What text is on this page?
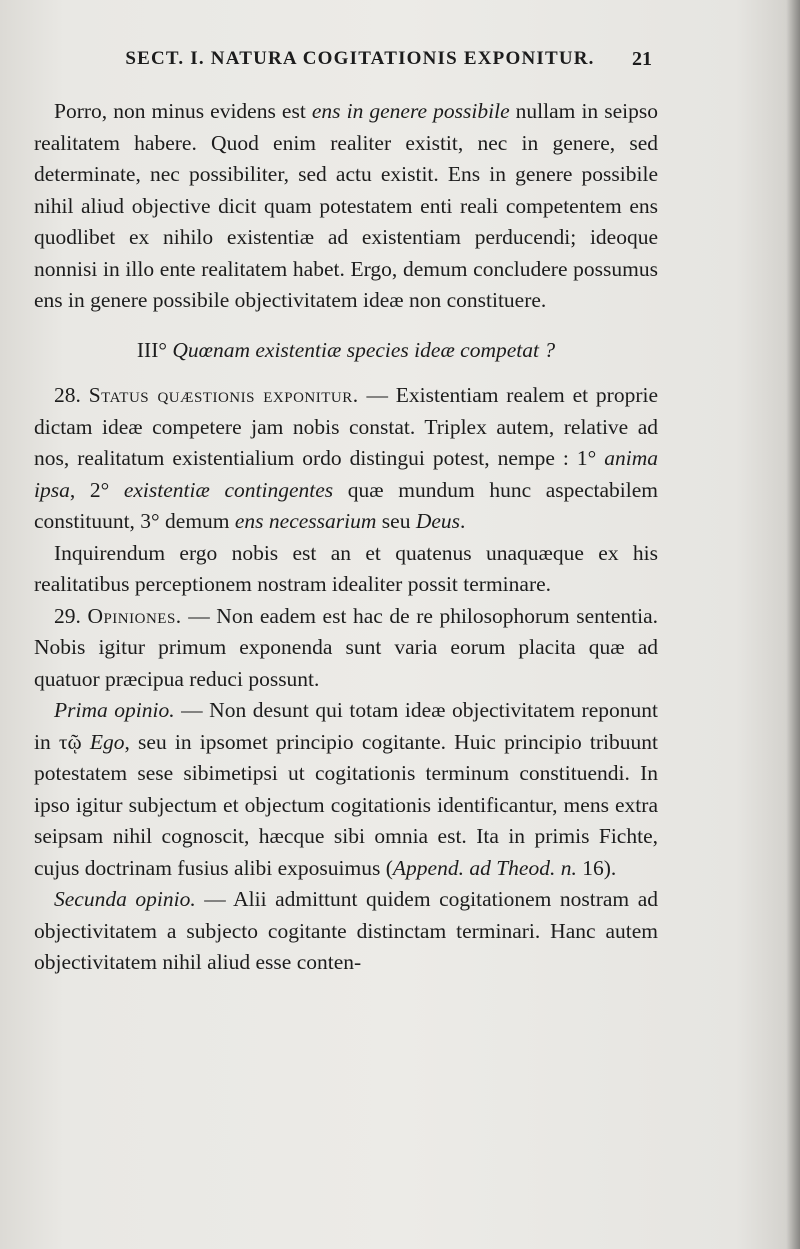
SECT. I. NATURA COGITATIONIS EXPONITUR.	21

Porro, non minus evidens est ens in genere possibile nullam in seipso realitatem habere. Quod enim realiter existit, nec in genere, sed determinate, nec possibiliter, sed actu existit. Ens in genere possibile nihil aliud objective dicit quam potestatem enti reali competentem ens quodlibet ex nihilo existentiæ ad existentiam perducendi; ideoque nonnisi in illo ente realitatem habet. Ergo, demum concludere possumus ens in genere possibile objectivitatem ideæ non constituere.

III° Quœnam existentiæ species ideæ competat ?

28. Status quæstionis exponitur. — Existentiam realem et proprie dictam ideæ competere jam nobis constat. Triplex autem, relative ad nos, realitatum existentialium ordo distingui potest, nempe : 1° anima ipsa, 2° existentiæ contingentes quæ mundum hunc aspectabilem constituunt, 3° demum ens necessarium seu Deus.

Inquirendum ergo nobis est an et quatenus unaquæque ex his realitatibus perceptionem nostram idealiter possit terminare.

29. Opiniones. — Non eadem est hac de re philosophorum sententia. Nobis igitur primum exponenda sunt varia eorum placita quæ ad quatuor præcipua reduci possunt.

Prima opinio. — Non desunt qui totam ideæ objectivitatem reponunt in τῷ Ego, seu in ipsomet principio cogitante. Huic principio tribuunt potestatem sese sibimetipsi ut cogitationis terminum constituendi. In ipso igitur subjectum et objectum cogitationis identificantur, mens extra seipsam nihil cognoscit, hæcque sibi omnia est. Ita in primis Fichte, cujus doctrinam fusius alibi exposuimus (Append. ad Theod. n. 16).

Secunda opinio. — Alii admittunt quidem cogitationem nostram ad objectivitatem a subjecto cogitante distinctam terminari. Hanc autem objectivitatem nihil aliud esse conten-
